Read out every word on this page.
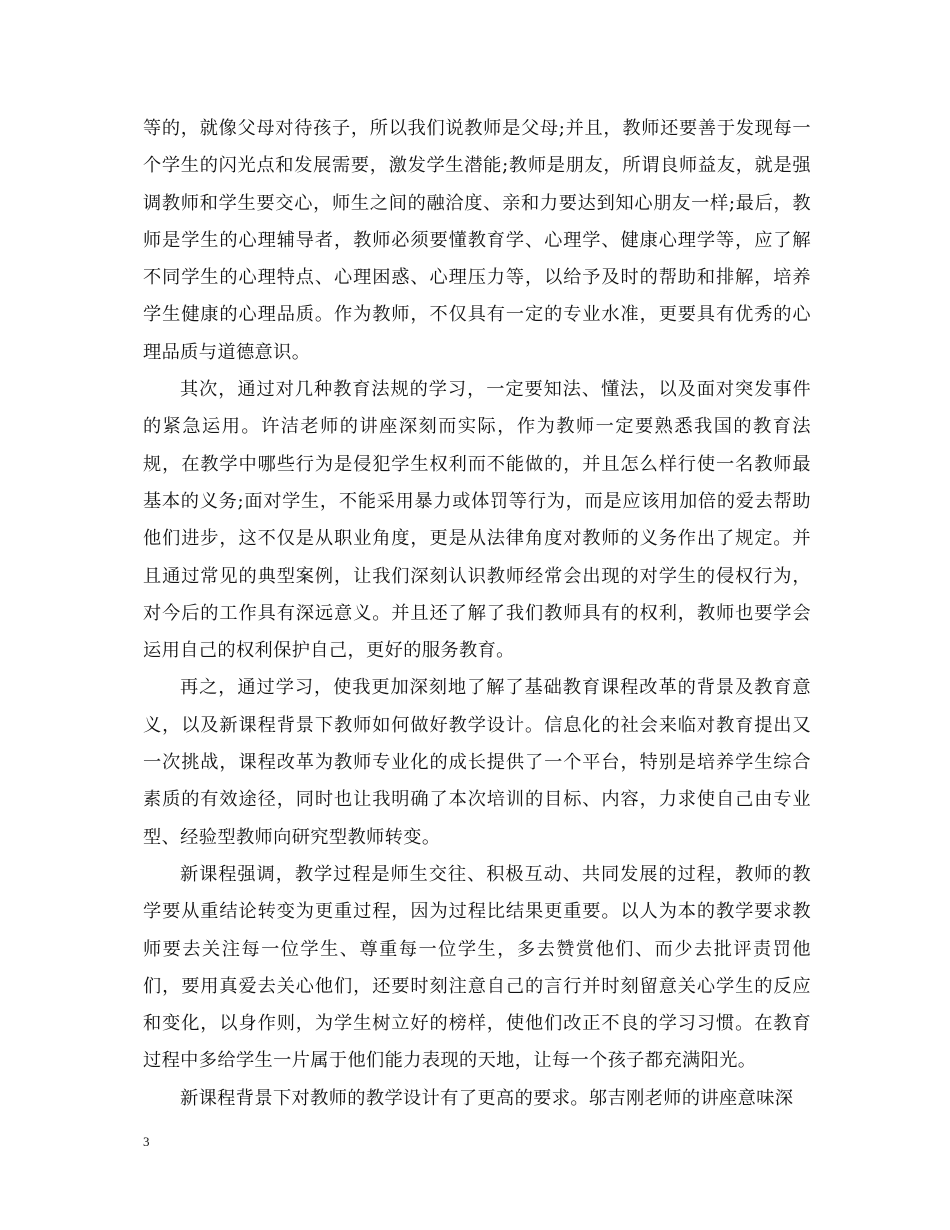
等的，就像父母对待孩子，所以我们说教师是父母;并且，教师还要善于发现每一个学生的闪光点和发展需要，激发学生潜能;教师是朋友，所谓良师益友，就是强调教师和学生要交心，师生之间的融洽度、亲和力要达到知心朋友一样;最后，教师是学生的心理辅导者，教师必须要懂教育学、心理学、健康心理学等，应了解不同学生的心理特点、心理困惑、心理压力等，以给予及时的帮助和排解，培养学生健康的心理品质。作为教师，不仅具有一定的专业水准，更要具有优秀的心理品质与道德意识。

其次，通过对几种教育法规的学习，一定要知法、懂法，以及面对突发事件的紧急运用。许洁老师的讲座深刻而实际，作为教师一定要熟悉我国的教育法规，在教学中哪些行为是侵犯学生权利而不能做的，并且怎么样行使一名教师最基本的义务;面对学生，不能采用暴力或体罚等行为，而是应该用加倍的爱去帮助他们进步，这不仅是从职业角度，更是从法律角度对教师的义务作出了规定。并且通过常见的典型案例，让我们深刻认识教师经常会出现的对学生的侵权行为，对今后的工作具有深远意义。并且还了解了我们教师具有的权利，教师也要学会运用自己的权利保护自己，更好的服务教育。

再之，通过学习，使我更加深刻地了解了基础教育课程改革的背景及教育意义，以及新课程背景下教师如何做好教学设计。信息化的社会来临对教育提出又一次挑战，课程改革为教师专业化的成长提供了一个平台，特别是培养学生综合素质的有效途径，同时也让我明确了本次培训的目标、内容，力求使自己由专业型、经验型教师向研究型教师转变。

新课程强调，教学过程是师生交往、积极互动、共同发展的过程，教师的教学要从重结论转变为更重过程，因为过程比结果更重要。以人为本的教学要求教师要去关注每一位学生、尊重每一位学生，多去赞赏他们、而少去批评责罚他们，要用真爱去关心他们，还要时刻注意自己的言行并时刻留意关心学生的反应和变化，以身作则，为学生树立好的榜样，使他们改正不良的学习习惯。在教育过程中多给学生一片属于他们能力表现的天地，让每一个孩子都充满阳光。

新课程背景下对教师的教学设计有了更高的要求。邬吉刚老师的讲座意味深

3
